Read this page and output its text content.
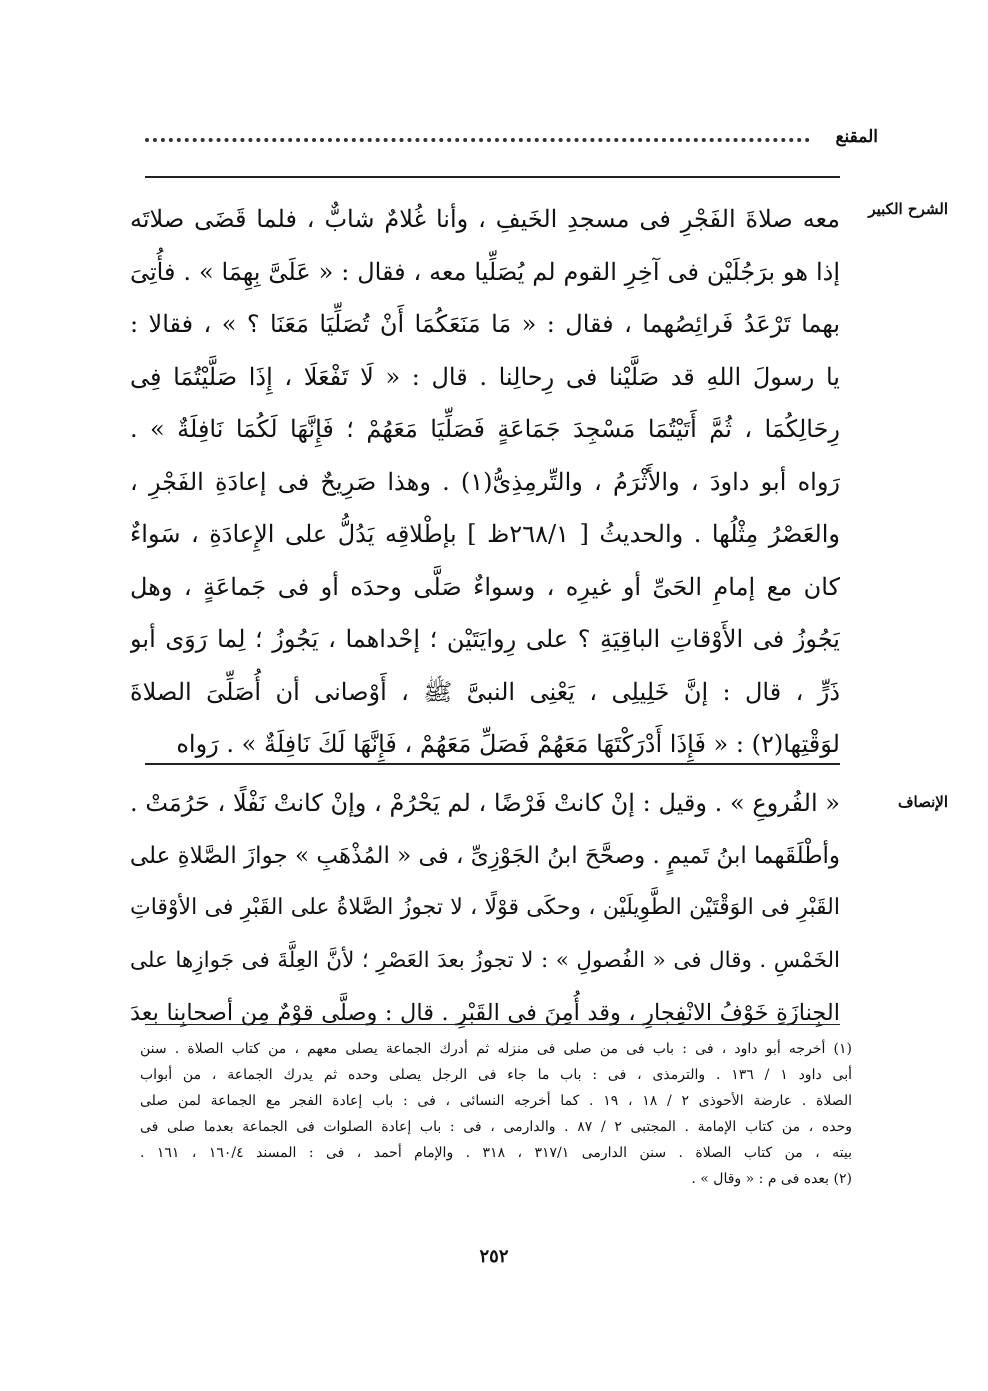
المقنع
الشرح الكبير
معه صلاةَ الفَجْرِ فى مسجدِ الخَيفِ ، وأنا غُلامٌ شابٌّ ، فلما قَضَى صلاتَه
إذا هو برَجُلَيْن فى آخِرِ القوم لم يُصَلِّيا معه ، فقال : « عَلَىَّ بِهِمَا » . فأُتِىَ
بهما تَرْعَدُ فَرائِصُهما ، فقال : « مَا مَنَعَكُمَا أَنْ تُصَلِّيَا مَعَنَا ؟ » ، فقالا :
يا رسولَ اللهِ قد صَلَّيْنا فى رِحالِنا . قال : « لَا تَفْعَلَا ، إِذَا صَلَّيْتُمَا فِى
رِحَالِكُمَا ، ثُمَّ أَتَيْتُمَا مَسْجِدَ جَمَاعَةٍ فَصَلِّيَا مَعَهُمْ ؛ فَإِنَّهَا لَكُمَا نَافِلَةٌ » .
رَواه أبو داودَ ، والأَثْرَمُ ، والتِّرمِذِىُّ(١) . وهذا صَرِيحٌ فى إعادَةِ الفَجْرِ ،
والعَصْرُ مِثْلُها . والحديثُ [ ٢٦٨/١ظ ] بإطْلاقِه يَدُلُّ على الإِعادَةِ ، سَواءٌ
كان مع إمامِ الحَىِّ أو غيرِه ، وسواءٌ صَلَّى وحدَه أو فى جَماعَةٍ ، وهل
يَجُوزُ فى الأَوْقاتِ الباقِيَةِ ؟ على رِوايَتَيْن ؛ إحْداهما ، يَجُوزُ ؛ لِما رَوَى أبو
ذَرٍّ ، قال : إنَّ خَلِيلِى ، يَعْنِى النبىَّ ﷺ ، أَوْصانى أن أُصَلِّىَ الصلاةَ
لوَقْتِها(٢) : « فَإِذَا أَدْرَكْتَهَا مَعَهُمْ فَصَلِّ مَعَهُمْ ، فَإِنَّهَا لَكَ نَافِلَةٌ » . رَواه
الإنصاف
« الفُروعِ » . وقيل : إنْ كانتْ فَرْضًا ، لم يَحْرُمْ ، وإنْ كانتْ نَفْلًا ، حَرُمَتْ .
وأطْلَقَهما ابنُ تَميمٍ . وصحَّحَ ابنُ الجَوْزِىِّ ، فى « المُذْهَبِ » جوازَ الصَّلاةِ على
القَبْرِ فى الوَقْتَيْن الطَّوِيلَيْن ، وحكَى قوْلًا ، لا تجوزُ الصَّلاةُ على القَبْرِ فى الأوْقاتِ
الخَمْسِ . وقال فى « الفُصولِ » : لا تجوزُ بعدَ العَصْرِ ؛ لأنَّ العِلَّةَ فى جَوازِها على
الجِنازَةِ خَوْفُ الانْفِجارِ ، وقد أُمِنَ فى القَبْرِ . قال : وصلَّى قوْمٌ مِن أصحابِنا بعدَ
(١) أخرجه أبو داود ، فى : باب فى من صلى فى منزله ثم أدرك الجماعة يصلى معهم ، من كتاب الصلاة . سنن
أبى داود ١ / ١٣٦ . والترمذى ، فى : باب ما جاء فى الرجل يصلى وحده ثم يدرك الجماعة ، من أبواب
الصلاة . عارضة الأحوذى ٢ / ١٨ ، ١٩ . كما أخرجه النسائى ، فى : باب إعادة الفجر مع الجماعة لمن صلى
وحده ، من كتاب الإمامة . المجتبى ٢ / ٨٧ . والدارمى ، فى : باب إعادة الصلوات فى الجماعة بعدما صلى فى
بيته ، من كتاب الصلاة . سنن الدارمى ٣١٧/١ ، ٣١٨ . والإمام أحمد ، فى : المسند ١٦٠/٤ ، ١٦١ .
(٢) بعده فى م : « وقال » .
٢٥٢
